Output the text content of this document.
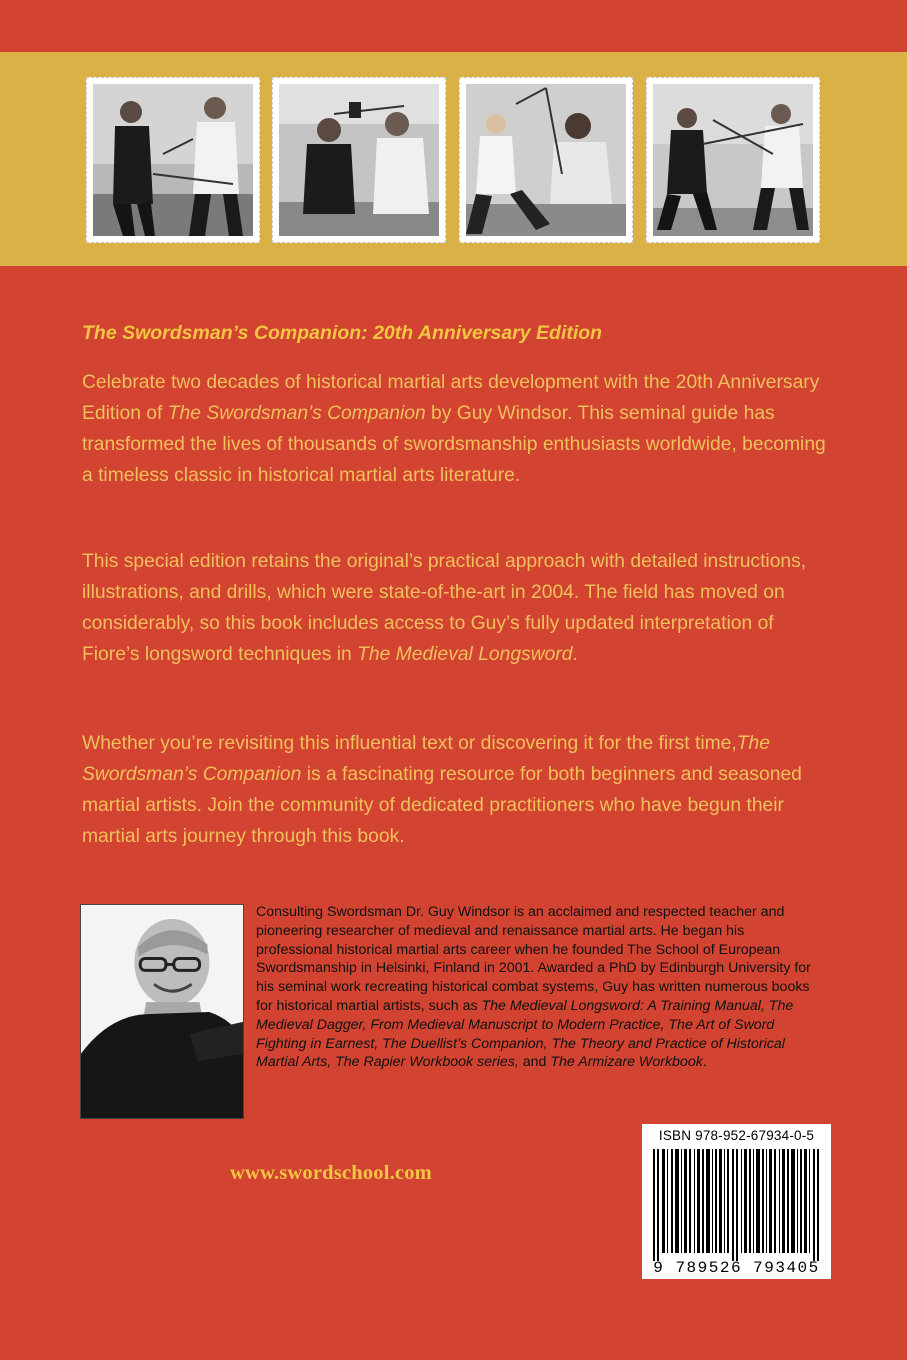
The Swordsman’s Companion: 20th Anniversary Edition

Celebrate two decades of historical martial arts development with the 20th Anniversary Edition of The Swordsman’s Companion by Guy Windsor. This seminal guide has transformed the lives of thousands of swordsmanship enthusiasts worldwide, becoming a timeless classic in historical martial arts literature.

This special edition retains the original’s practical approach with detailed instructions, illustrations, and drills, which were state-of-the-art in 2004. The field has moved on considerably, so this book includes access to Guy’s fully updated interpretation of Fiore’s longsword techniques in The Medieval Longsword.

Whether you’re revisiting this influential text or discovering it for the first time,The Swordsman’s Companion is a fascinating resource for both beginners and seasoned martial artists. Join the community of dedicated practitioners who have begun their martial arts journey through this book.

Consulting Swordsman Dr. Guy Windsor is an acclaimed and respected teacher and pioneering researcher of medieval and renaissance martial arts. He began his professional historical martial arts career when he founded The School of European Swordsmanship in Helsinki, Finland in 2001. Awarded a PhD by Edinburgh University for his seminal work recreating historical combat systems, Guy has written numerous books for historical martial artists, such as The Medieval Longsword: A Training Manual, The Medieval Dagger, From Medieval Manuscript to Modern Practice, The Art of Sword Fighting in Earnest, The Duellist’s Companion, The Theory and Practice of Historical Martial Arts, The Rapier Workbook series, and The Armizare Workbook.

www.swordschool.com
ISBN 978-952-67934-0-5
9 789526 793405
